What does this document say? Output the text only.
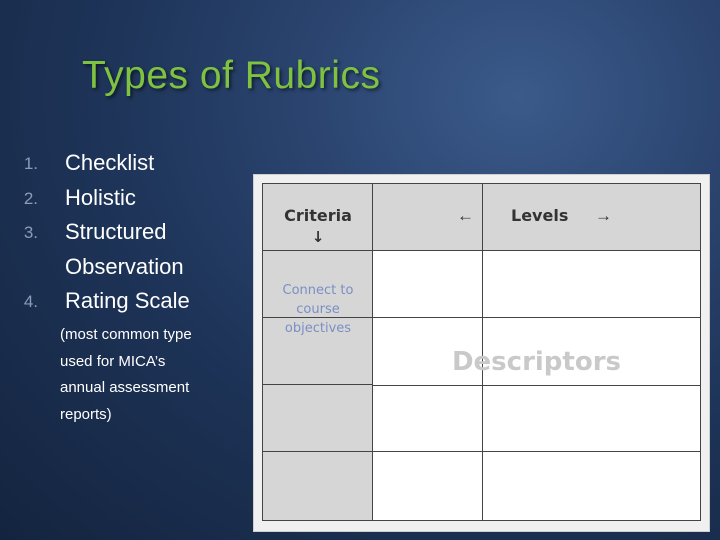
Types of Rubrics
1. Checklist
2. Holistic
3. Structured
Observation
4. Rating Scale
(most common type
used for MICA’s
annual assessment
reports)
Criteria
↓
← Levels →
Connect to
course
objectives
Descriptors
